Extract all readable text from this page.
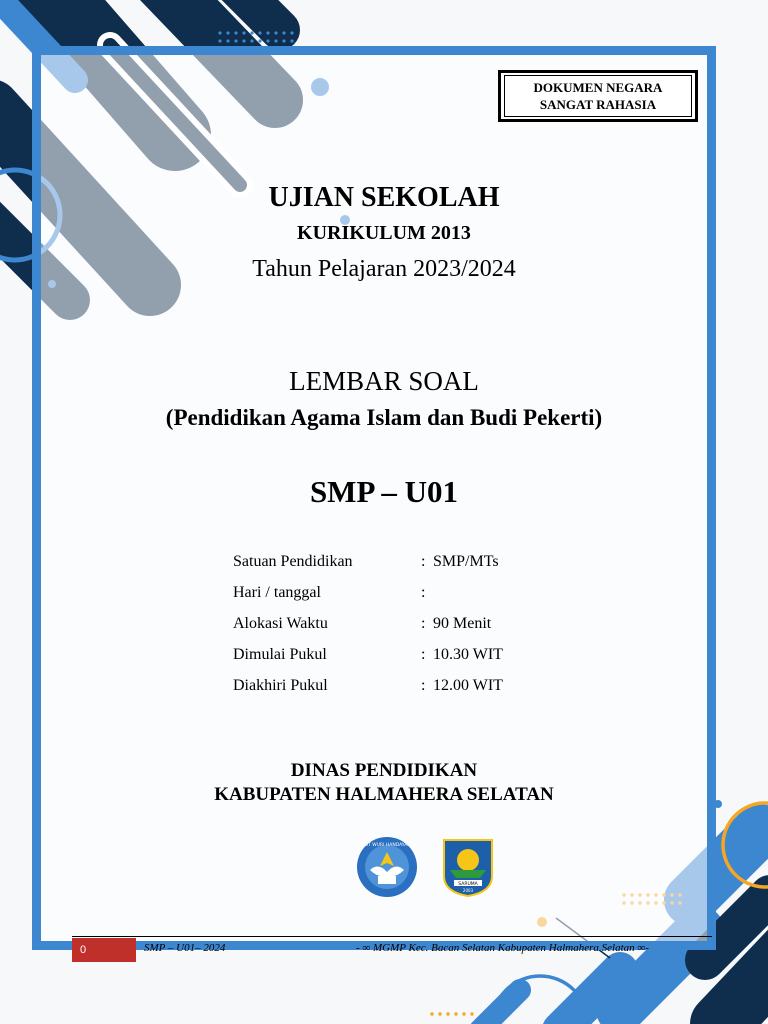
DOKUMEN NEGARA
SANGAT RAHASIA
UJIAN SEKOLAH
KURIKULUM 2013
Tahun Pelajaran 2023/2024
LEMBAR SOAL
(Pendidikan Agama Islam dan Budi Pekerti)
SMP – U01
Satuan Pendidikan	: SMP/MTs
Hari / tanggal	:
Alokasi Waktu	: 90 Menit
Dimulai Pukul	: 10.30 WIT
Diakhiri Pukul	: 12.00 WIT
DINAS PENDIDIKAN
KABUPATEN HALMAHERA SELATAN
TUT WURI HANDAYANI
SARUMA
2003
0	SMP – U01– 2024	- ∞ MGMP Kec. Bacan Selatan Kabupaten Halmahera Selatan ∞-
